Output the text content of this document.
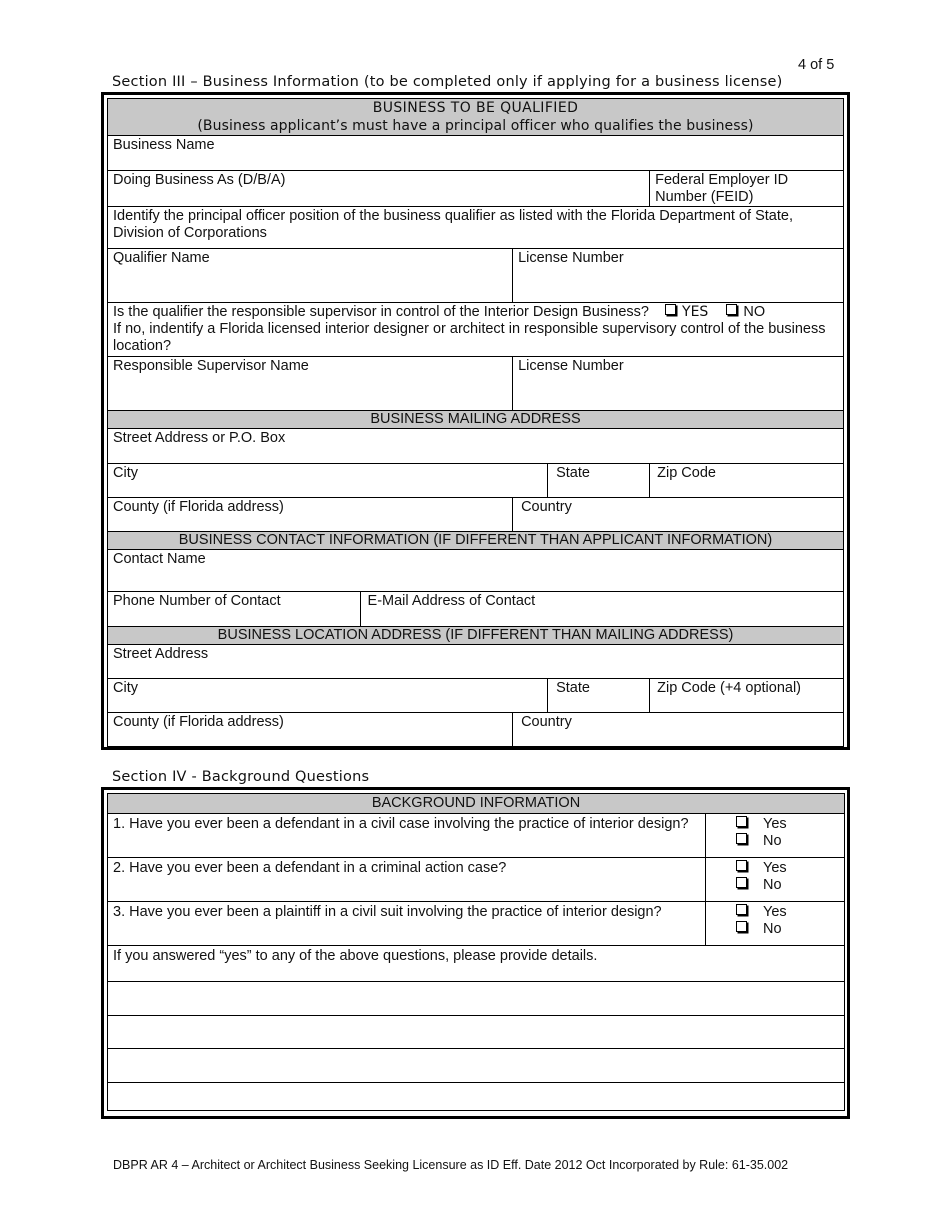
4 of 5
Section III – Business Information (to be completed only if applying for a business license)
BUSINESS TO BE QUALIFIED
(Business applicant’s must have a principal officer who qualifies the business)				

Business Name				
Doing Business As (D/B/A)				Federal Employer ID Number (FEID)
Identify the principal officer position of the business qualifier as listed with the Florida Department of State, Division of Corporations				
Qualifier Name		License Number		
Is the qualifier the responsible supervisor in control of the Interior Design Business? YES NO
If no, indentify a Florida licensed interior designer or architect in responsible supervisory control of the business location?				

Responsible Supervisor Name		License Number		
BUSINESS MAILING ADDRESS				
Street Address or P.O. Box				
City			State	Zip Code
County (if Florida address)		Country		
BUSINESS CONTACT INFORMATION (IF DIFFERENT THAN APPLICANT INFORMATION)				
Contact Name				
Phone Number of Contact	E-Mail Address of Contact			
BUSINESS LOCATION ADDRESS (IF DIFFERENT THAN MAILING ADDRESS)				
Street Address				
City			State	Zip Code (+4 optional)
County (if Florida address)		Country		
Section IV - Background Questions
BACKGROUND INFORMATION	
1. Have you ever been a defendant in a civil case involving the practice of interior design?	Yes
No

2. Have you ever been a defendant in a criminal action case?	Yes
No

3. Have you ever been a plaintiff in a civil suit involving the practice of interior design?	Yes
No

If you answered “yes” to any of the above questions, please provide details.	

DBPR AR 4 – Architect or Architect Business Seeking Licensure as ID Eff. Date 2012 Oct Incorporated by Rule: 61-35.002
